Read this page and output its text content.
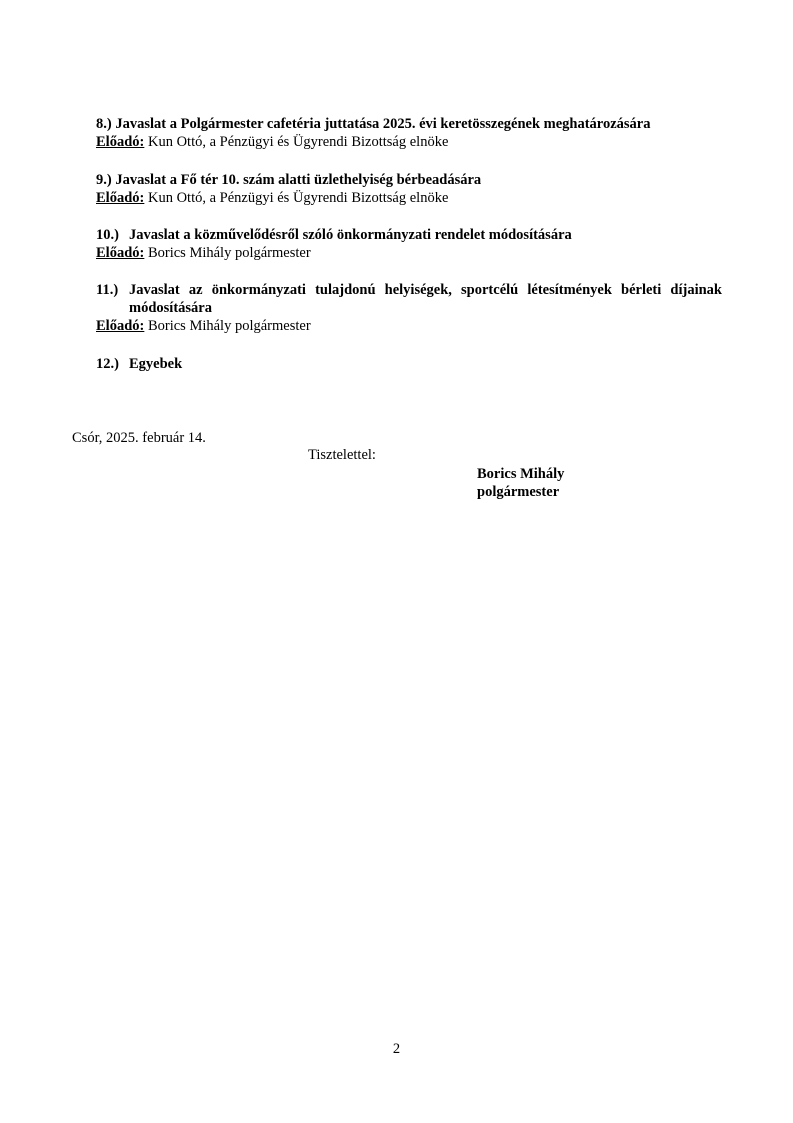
8.) Javaslat a Polgármester cafetéria juttatása 2025. évi keretösszegének meghatározására
Előadó: Kun Ottó, a Pénzügyi és Ügyrendi Bizottság elnöke
9.) Javaslat a Fő tér 10. szám alatti üzlethelyiség bérbeadására
Előadó: Kun Ottó, a Pénzügyi és Ügyrendi Bizottság elnöke
10.) Javaslat a közművelődésről szóló önkormányzati rendelet módosítására
Előadó: Borics Mihály polgármester
11.) Javaslat az önkormányzati tulajdonú helyiségek, sportcélú létesítmények bérleti díjainak módosítására
Előadó: Borics Mihály polgármester
12.) Egyebek
Csór, 2025. február 14.
Tisztelettel:
Borics Mihály
polgármester
2
